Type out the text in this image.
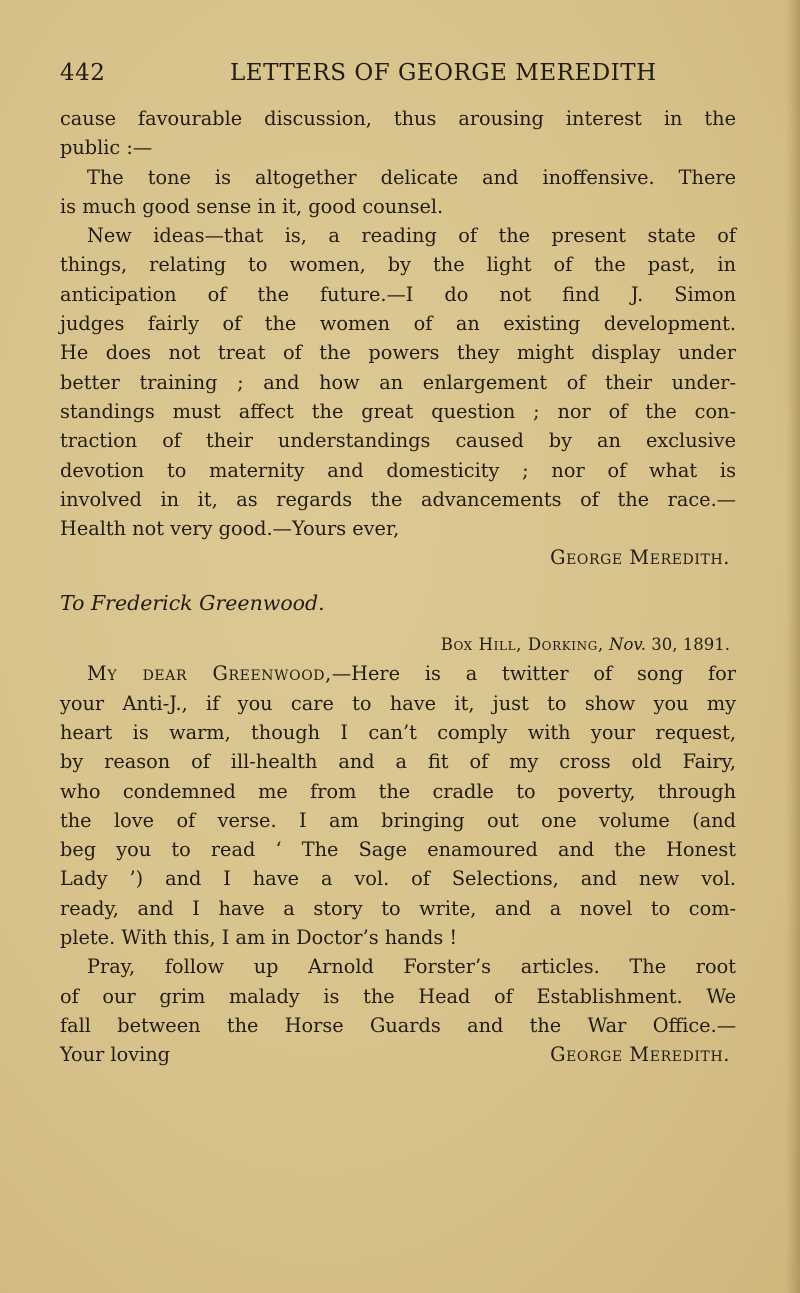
442	LETTERS OF GEORGE MEREDITH
cause favourable discussion, thus arousing interest in the
public :—
The tone is altogether delicate and inoffensive. There
is much good sense in it, good counsel.
New ideas—that is, a reading of the present state of
things, relating to women, by the light of the past, in
anticipation of the future.—I do not find J. Simon
judges fairly of the women of an existing development.
He does not treat of the powers they might display under
better training ; and how an enlargement of their under-
standings must affect the great question ; nor of the con-
traction of their understandings caused by an exclusive
devotion to maternity and domesticity ; nor of what is
involved in it, as regards the advancements of the race.—
Health not very good.—Yours ever,
George Meredith.
To Frederick Greenwood.
Box Hill, Dorking, Nov. 30, 1891.
My dear Greenwood,—Here is a twitter of song for
your Anti-J., if you care to have it, just to show you my
heart is warm, though I can’t comply with your request,
by reason of ill-health and a fit of my cross old Fairy,
who condemned me from the cradle to poverty, through
the love of verse. I am bringing out one volume (and
beg you to read ‘ The Sage enamoured and the Honest
Lady ’) and I have a vol. of Selections, and new vol.
ready, and I have a story to write, and a novel to com-
plete. With this, I am in Doctor’s hands !
Pray, follow up Arnold Forster’s articles. The root
of our grim malady is the Head of Establishment. We
fall between the Horse Guards and the War Office.—
Your loving	George Meredith.
